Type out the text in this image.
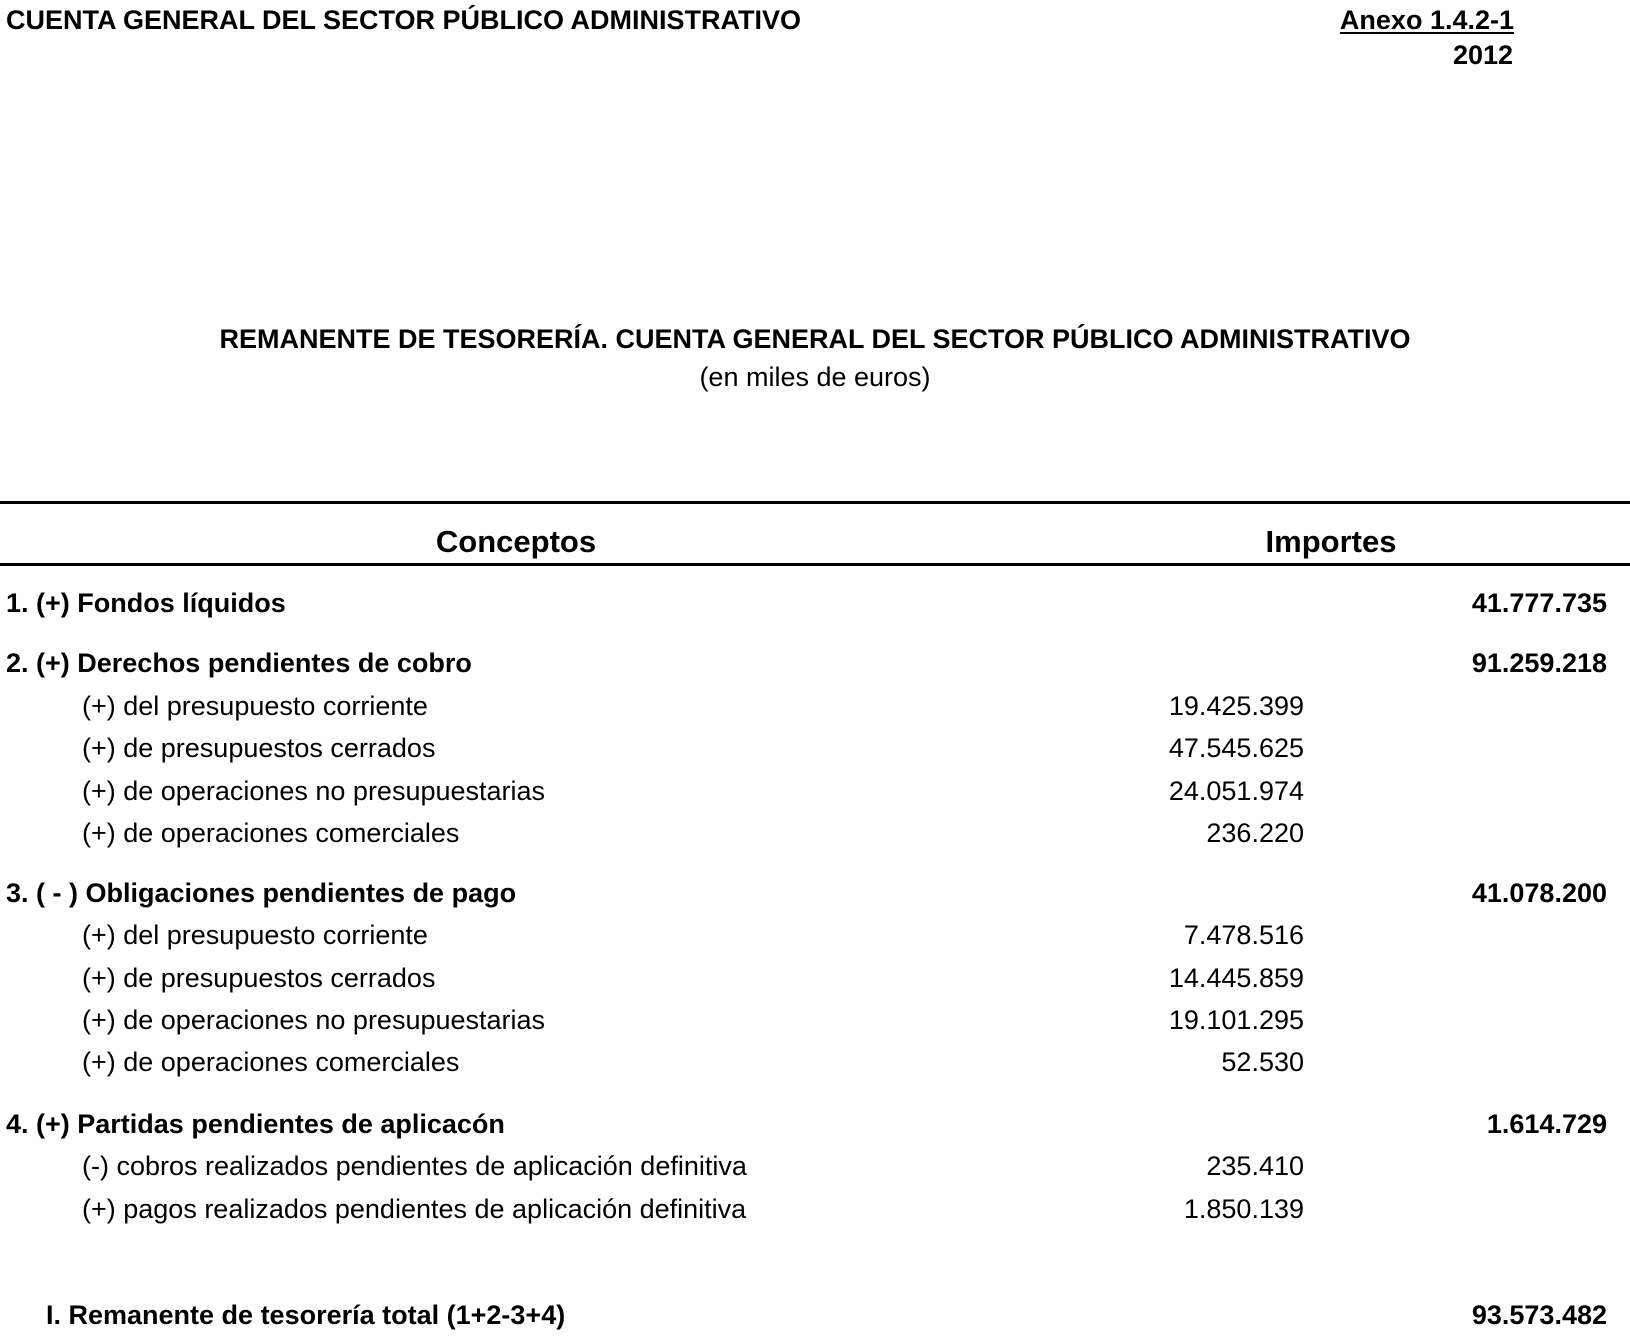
CUENTA GENERAL DEL SECTOR PÚBLICO ADMINISTRATIVO	Anexo 1.4.2-1
2012
REMANENTE DE TESORERÍA. CUENTA GENERAL DEL SECTOR PÚBLICO ADMINISTRATIVO
(en miles de euros)
Conceptos	Importes
1. (+) Fondos líquidos	41.777.735
2. (+) Derechos pendientes de cobro	91.259.218
(+) del presupuesto corriente	19.425.399
(+) de presupuestos cerrados	47.545.625
(+) de operaciones no presupuestarias	24.051.974
(+) de operaciones comerciales	236.220
3. ( - ) Obligaciones pendientes de pago	41.078.200
(+) del presupuesto corriente	7.478.516
(+) de presupuestos cerrados	14.445.859
(+) de operaciones no presupuestarias	19.101.295
(+) de operaciones comerciales	52.530
4. (+) Partidas pendientes de aplicacón	1.614.729
(-) cobros realizados pendientes de aplicación definitiva	235.410
(+) pagos realizados pendientes de aplicación definitiva	1.850.139
I. Remanente de tesorería total (1+2-3+4)	93.573.482
